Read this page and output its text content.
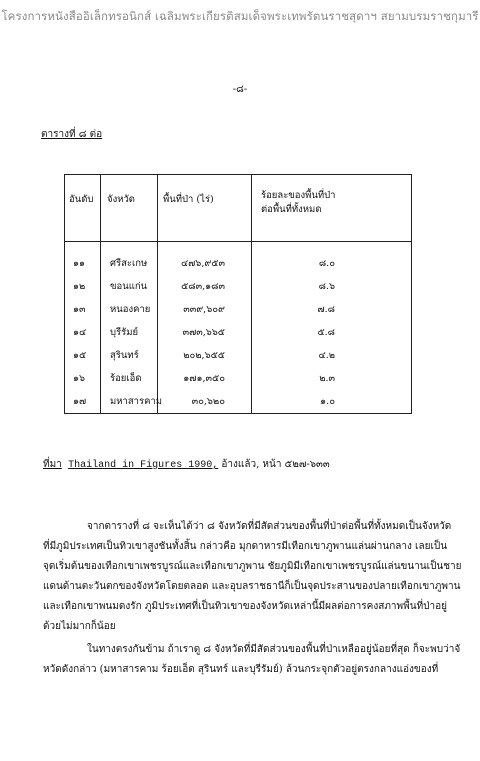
โครงการหนังสืออิเล็กทรอนิกส์ เฉลิมพระเกียรติสมเด็จพระเทพรัตนราชสุดาฯ สยามบรมราชกุมารี
-๘-
ตารางที่ ๘ ต่อ
อันดับ จังหวัด	พื้นที่ป่า (ไร่)	ร้อยละของพื้นที่ป่า
ต่อพื้นที่ทั้งหมด
๑๑	ศรีสะเกษ	๔๗๖,๙๕๓	๘.๐
๑๒	ขอนแก่น	๕๘๓,๑๘๓	๘.๖
๑๓	หนองคาย	๓๓๙,๖๐๙	๗.๘
๑๔	บุรีรัมย์	๓๗๓,๖๖๕	๕.๘
๑๕	สุรินทร์	๒๐๒,๖๕๕	๔.๒
๑๖	ร้อยเอ็ด	๑๗๑,๓๕๐	๒.๓
๑๗	มหาสารคาม	๓๐,๖๒๐	๑.๐
ที่มา Thailand in Figures 1990, อ้างแล้ว, หน้า ๕๒๗-๖๓๓
จากตารางที่ ๘ จะเห็นได้ว่า ๘ จังหวัดที่มีสัดส่วนของพื้นที่ป่าต่อพื้นที่ทั้งหมดเป็นจังหวัด
ที่มีภูมิประเทศเป็นทิวเขาสูงชันทั้งสิ้น กล่าวคือ มุกดาหารมีเทือกเขาภูพานแล่นผ่านกลาง เลยเป็น
จุดเริ่มต้นของเทือกเขาเพชรบูรณ์และเทือกเขาภูพาน ชัยภูมิมีเทือกเขาเพชรบูรณ์แล่นขนานเป็นชาย
แดนด้านตะวันตกของจังหวัดโดยตลอด และอุบลราชธานีก็เป็นจุดประสานของปลายเทือกเขาภูพาน
และเทือกเขาพนมดงรัก ภูมิประเทศที่เป็นทิวเขาของจังหวัดเหล่านี้มีผลต่อการคงสภาพพื้นที่ป่าอยู่
ด้วยไม่มากก็น้อย
ในทางตรงกันข้าม ถ้าเราดู ๘ จังหวัดที่มีสัดส่วนของพื้นที่ป่าเหลืออยู่น้อยที่สุด ก็จะพบว่าจั
หวัดดังกล่าว (มหาสารคาม ร้อยเอ็ด สุรินทร์ และบุรีรัมย์) ล้วนกระจุกตัวอยู่ตรงกลางแอ่งของที่
